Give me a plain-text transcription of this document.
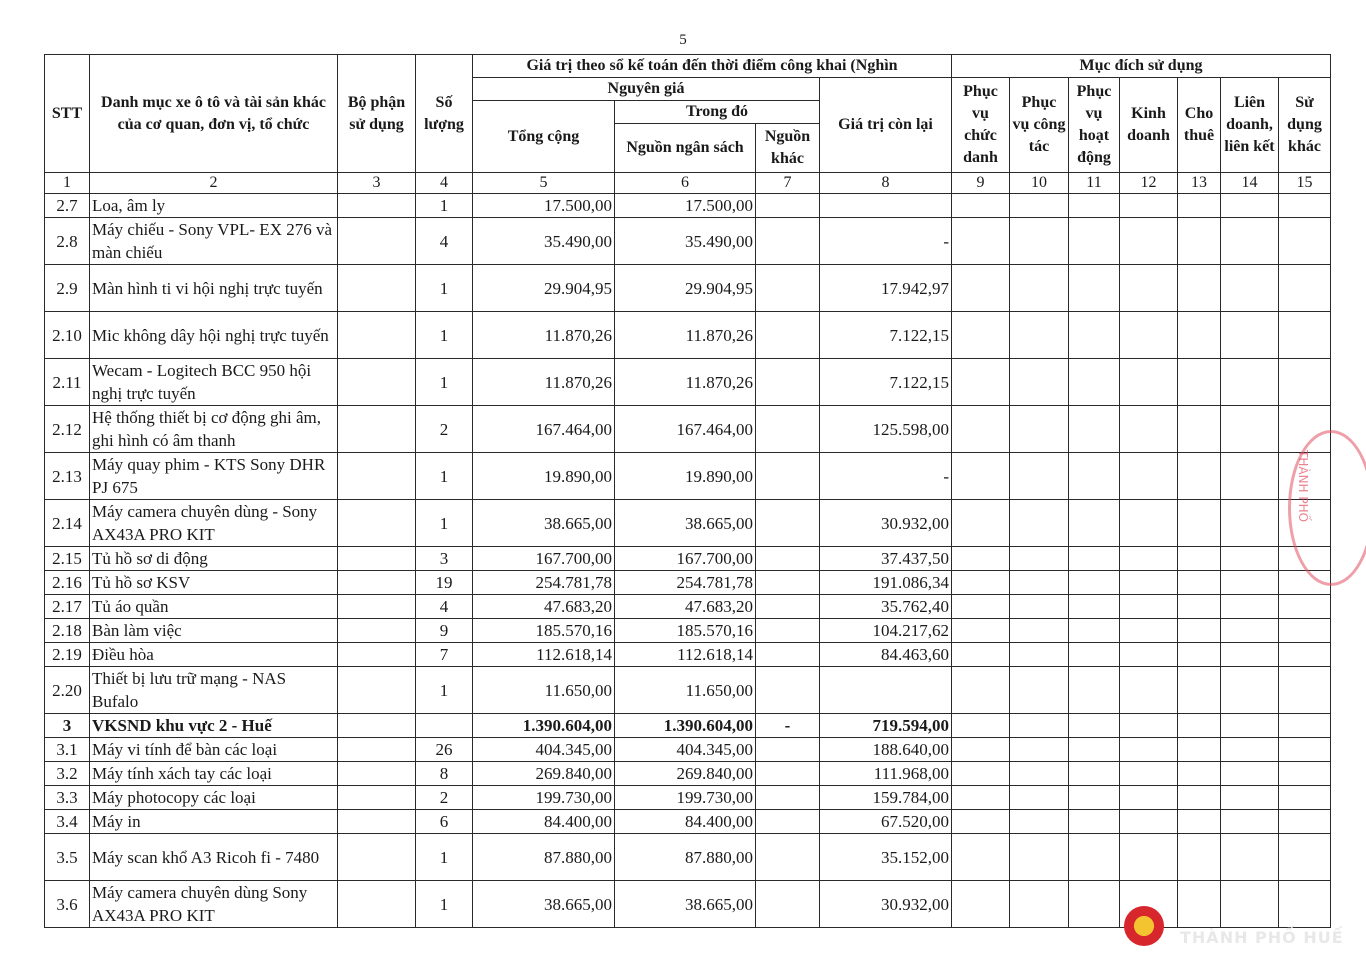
5
STT	Danh mục xe ô tô và tài sản khác của cơ quan, đơn vị, tổ chức	Bộ phận sử dụng	Số lượng	Giá trị theo sổ kế toán đến thời điểm công khai (Nghìn				Mục đích sử dụng						
				Nguyên giá			Giá trị còn lại	Phục vụ chức danh	Phục vụ công tác	Phục vụ hoạt động	Kinh doanh	Cho thuê	Liên doanh, liên kết	Sử dụng khác
				Tổng cộng	Trong đó									
					Nguồn ngân sách	Nguồn khác								
1	2	3	4	5	6	7	8	9	10	11	12	13	14	15
2.7	Loa, âm ly		1	17.500,00	17.500,00									
2.8	Máy chiếu - Sony VPL- EX 276 và màn chiếu		4	35.490,00	35.490,00		-							
2.9	Màn hình ti vi hội nghị trực tuyến		1	29.904,95	29.904,95		17.942,97							
2.10	Mic không dây hội nghị trực tuyến		1	11.870,26	11.870,26		7.122,15							
2.11	Wecam - Logitech BCC 950 hội nghị trực tuyến		1	11.870,26	11.870,26		7.122,15							
2.12	Hệ thống thiết bị cơ động ghi âm, ghi hình có âm thanh		2	167.464,00	167.464,00		125.598,00							
2.13	Máy quay phim - KTS Sony DHR PJ 675		1	19.890,00	19.890,00		-							
2.14	Máy camera chuyên dùng - Sony AX43A PRO KIT		1	38.665,00	38.665,00		30.932,00							
2.15	Tủ hồ sơ di động		3	167.700,00	167.700,00		37.437,50							
2.16	Tủ hồ sơ KSV		19	254.781,78	254.781,78		191.086,34							
2.17	Tủ áo quần		4	47.683,20	47.683,20		35.762,40							
2.18	Bàn làm việc		9	185.570,16	185.570,16		104.217,62							
2.19	Điều hòa		7	112.618,14	112.618,14		84.463,60							
2.20	Thiết bị lưu trữ mạng - NAS Bufalo		1	11.650,00	11.650,00									
3	VKSND khu vực 2 - Huế			1.390.604,00	1.390.604,00	-	719.594,00							
3.1	Máy vi tính để bàn các loại		26	404.345,00	404.345,00		188.640,00							
3.2	Máy tính xách tay các loại		8	269.840,00	269.840,00		111.968,00							
3.3	Máy photocopy các loại		2	199.730,00	199.730,00		159.784,00							
3.4	Máy in		6	84.400,00	84.400,00		67.520,00							
3.5	Máy scan khổ A3 Ricoh fi - 7480		1	87.880,00	87.880,00		35.152,00							
3.6	Máy camera chuyên dùng Sony AX43A PRO KIT		1	38.665,00	38.665,00		30.932,00							
THÀNH PHỐ
THÀNH PHỐ HUẾ
